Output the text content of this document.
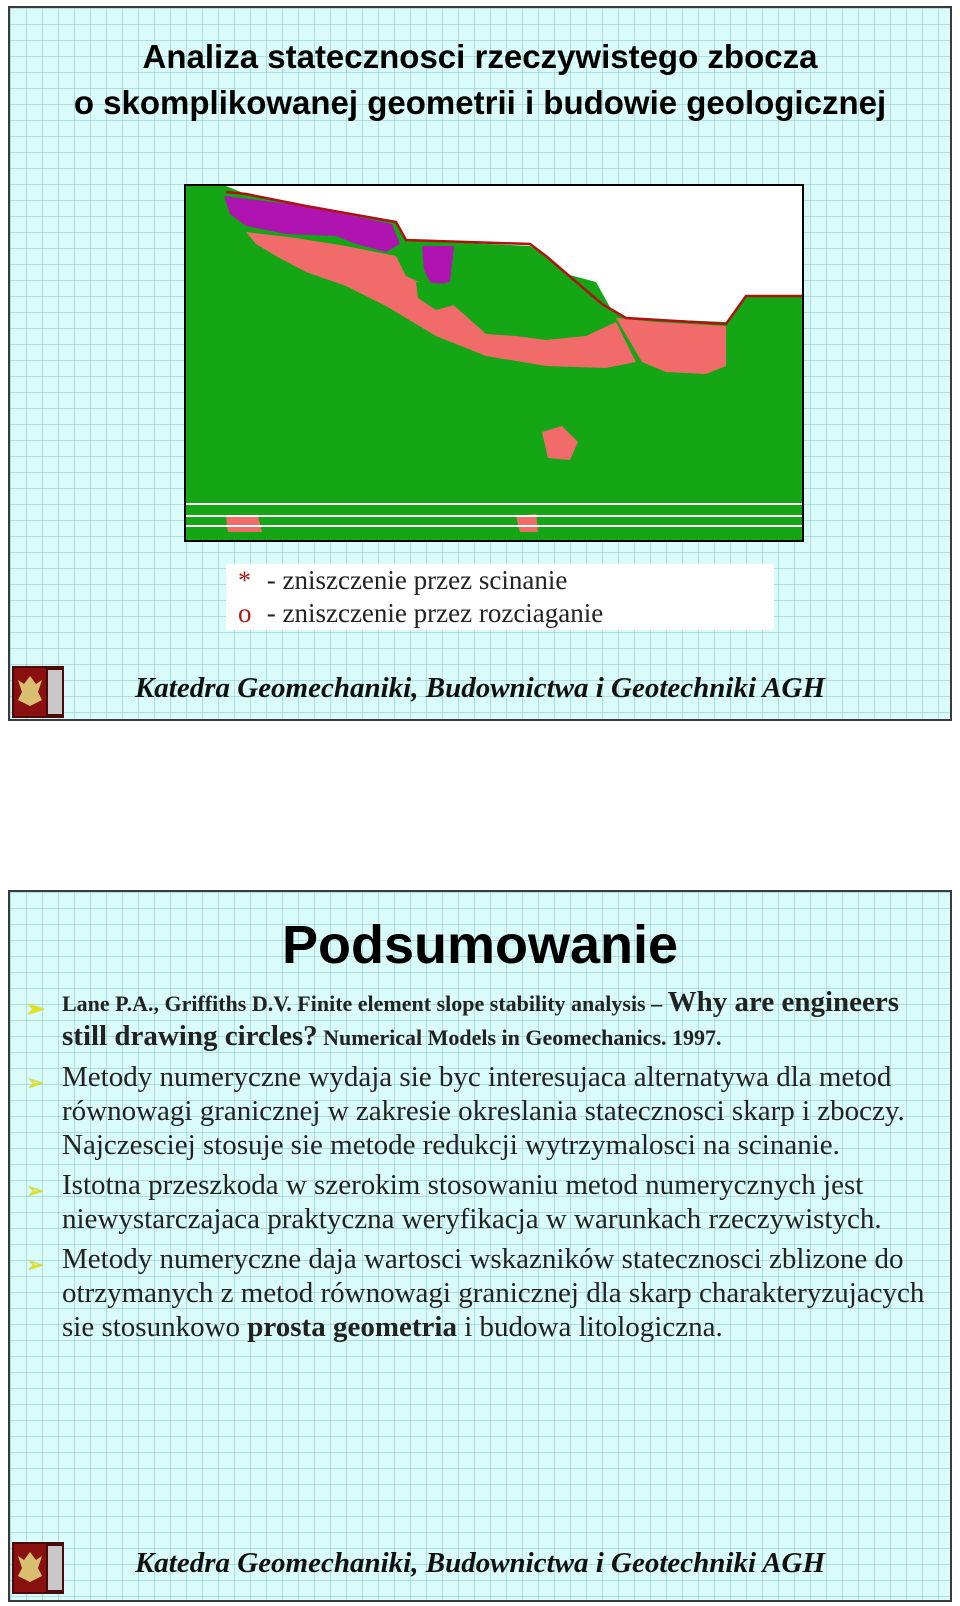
Analiza statecznosci rzeczywistego zbocza
o skomplikowanej geometrii i budowie geologicznej
* - zniszczenie przez scinanie
o - zniszczenie przez rozciaganie
Katedra Geomechaniki, Budownictwa i Geotechniki AGH
Podsumowanie
➢ Lane P.A., Griffiths D.V. Finite element slope stability analysis – Why are engineers still drawing circles? Numerical Models in Geomechanics. 1997.
➢ Metody numeryczne wydaja sie byc interesujaca alternatywa dla metod równowagi granicznej w zakresie okreslania statecznosci skarp i zboczy. Najczesciej stosuje sie metode redukcji wytrzymalosci na scinanie.
➢ Istotna przeszkoda w szerokim stosowaniu metod numerycznych jest niewystarczajaca praktyczna weryfikacja w warunkach rzeczywistych.
➢ Metody numeryczne daja wartosci wskazników statecznosci zblizone do otrzymanych z metod równowagi granicznej dla skarp charakteryzujacych sie stosunkowo prosta geometria i budowa litologiczna.
Katedra Geomechaniki, Budownictwa i Geotechniki AGH
